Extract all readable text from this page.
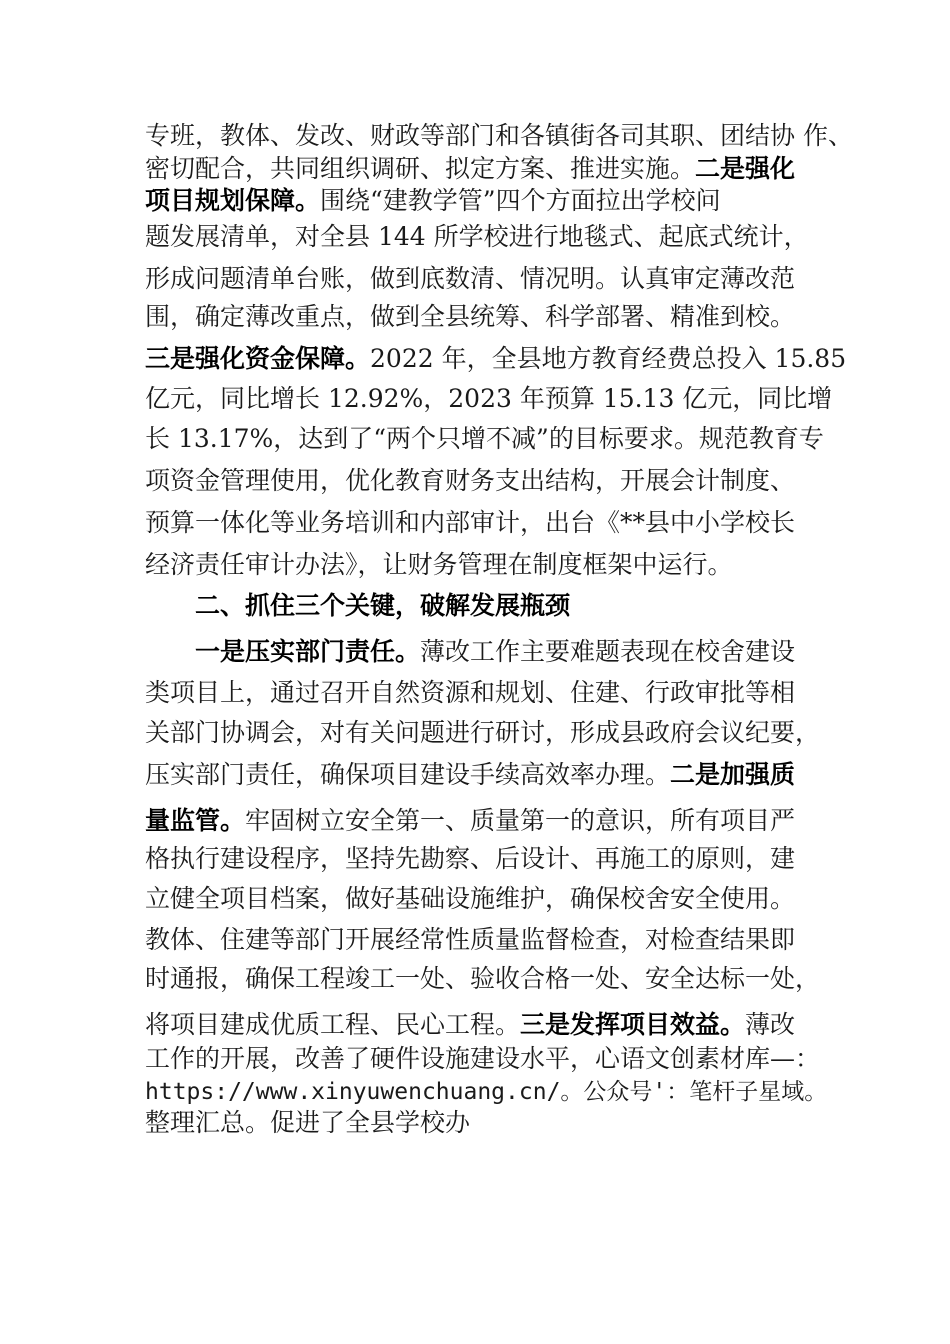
专班，教体、发改、财政等部门和各镇街各司其职、团结协 作、
密切配合，共同组织调研、拟定方案、推进实施。二是强化
项目规划保障。围绕“建教学管”四个方面拉出学校问
题发展清单，对全县 144 所学校进行地毯式、起底式统计，
形成问题清单台账，做到底数清、情况明。认真审定薄改范
围，确定薄改重点，做到全县统筹、科学部署、精准到校。
三是强化资金保障。2022 年，全县地方教育经费总投入 15.85
亿元，同比增长 12.92%，2023 年预算 15.13 亿元，同比增
长 13.17%，达到了“两个只增不减”的目标要求。规范教育专
项资金管理使用，优化教育财务支出结构，开展会计制度、
预算一体化等业务培训和内部审计，出台《**县中小学校长
经济责任审计办法》，让财务管理在制度框架中运行。
二、抓住三个关键，破解发展瓶颈
一是压实部门责任。薄改工作主要难题表现在校舍建设
类项目上，通过召开自然资源和规划、住建、行政审批等相
关部门协调会，对有关问题进行研讨，形成县政府会议纪要，
压实部门责任，确保项目建设手续高效率办理。二是加强质
量监管。牢固树立安全第一、质量第一的意识，所有项目严
格执行建设程序，坚持先勘察、后设计、再施工的原则，建
立健全项目档案，做好基础设施维护，确保校舍安全使用。
教体、住建等部门开展经常性质量监督检查，对检查结果即
时通报，确保工程竣工一处、验收合格一处、安全达标一处，
将项目建成优质工程、民心工程。三是发挥项目效益。薄改
工作的开展，改善了硬件设施建设水平，心语文创素材库—：
https://www.xinyuwenchuang.cn/。公众号'：笔杆子星域。
整理汇总。促进了全县学校办
